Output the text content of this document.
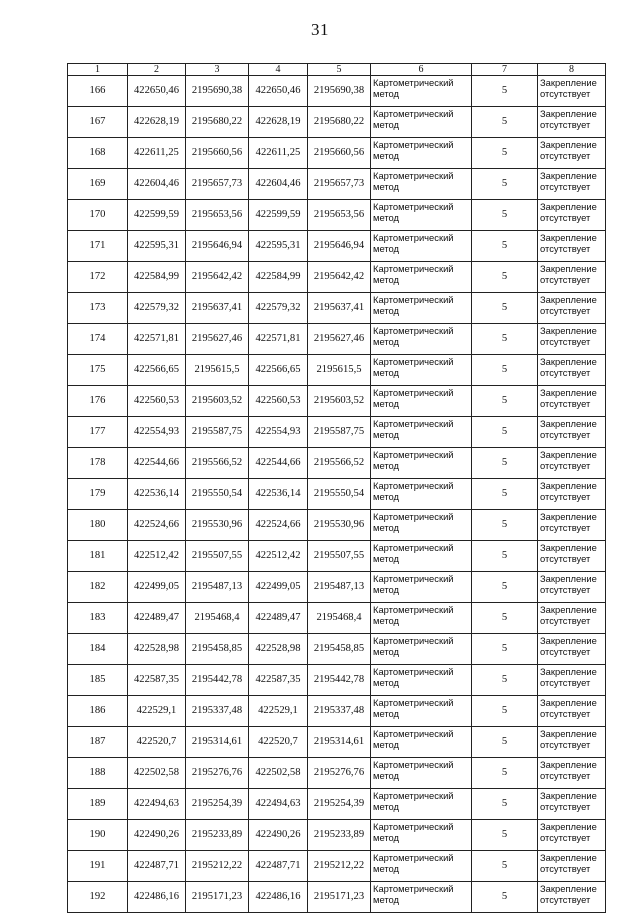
31
1	2	3	4	5	6	7	8
166	422650,46	2195690,38	422650,46	2195690,38	Картометрический
метод	5	Закрепление
отсутствует

167	422628,19	2195680,22	422628,19	2195680,22	Картометрический
метод	5	Закрепление
отсутствует

168	422611,25	2195660,56	422611,25	2195660,56	Картометрический
метод	5	Закрепление
отсутствует

169	422604,46	2195657,73	422604,46	2195657,73	Картометрический
метод	5	Закрепление
отсутствует

170	422599,59	2195653,56	422599,59	2195653,56	Картометрический
метод	5	Закрепление
отсутствует

171	422595,31	2195646,94	422595,31	2195646,94	Картометрический
метод	5	Закрепление
отсутствует

172	422584,99	2195642,42	422584,99	2195642,42	Картометрический
метод	5	Закрепление
отсутствует

173	422579,32	2195637,41	422579,32	2195637,41	Картометрический
метод	5	Закрепление
отсутствует

174	422571,81	2195627,46	422571,81	2195627,46	Картометрический
метод	5	Закрепление
отсутствует

175	422566,65	2195615,5	422566,65	2195615,5	Картометрический
метод	5	Закрепление
отсутствует

176	422560,53	2195603,52	422560,53	2195603,52	Картометрический
метод	5	Закрепление
отсутствует

177	422554,93	2195587,75	422554,93	2195587,75	Картометрический
метод	5	Закрепление
отсутствует

178	422544,66	2195566,52	422544,66	2195566,52	Картометрический
метод	5	Закрепление
отсутствует

179	422536,14	2195550,54	422536,14	2195550,54	Картометрический
метод	5	Закрепление
отсутствует

180	422524,66	2195530,96	422524,66	2195530,96	Картометрический
метод	5	Закрепление
отсутствует

181	422512,42	2195507,55	422512,42	2195507,55	Картометрический
метод	5	Закрепление
отсутствует

182	422499,05	2195487,13	422499,05	2195487,13	Картометрический
метод	5	Закрепление
отсутствует

183	422489,47	2195468,4	422489,47	2195468,4	Картометрический
метод	5	Закрепление
отсутствует

184	422528,98	2195458,85	422528,98	2195458,85	Картометрический
метод	5	Закрепление
отсутствует

185	422587,35	2195442,78	422587,35	2195442,78	Картометрический
метод	5	Закрепление
отсутствует

186	422529,1	2195337,48	422529,1	2195337,48	Картометрический
метод	5	Закрепление
отсутствует

187	422520,7	2195314,61	422520,7	2195314,61	Картометрический
метод	5	Закрепление
отсутствует

188	422502,58	2195276,76	422502,58	2195276,76	Картометрический
метод	5	Закрепление
отсутствует

189	422494,63	2195254,39	422494,63	2195254,39	Картометрический
метод	5	Закрепление
отсутствует

190	422490,26	2195233,89	422490,26	2195233,89	Картометрический
метод	5	Закрепление
отсутствует

191	422487,71	2195212,22	422487,71	2195212,22	Картометрический
метод	5	Закрепление
отсутствует

192	422486,16	2195171,23	422486,16	2195171,23	Картометрический
метод	5	Закрепление
отсутствует
